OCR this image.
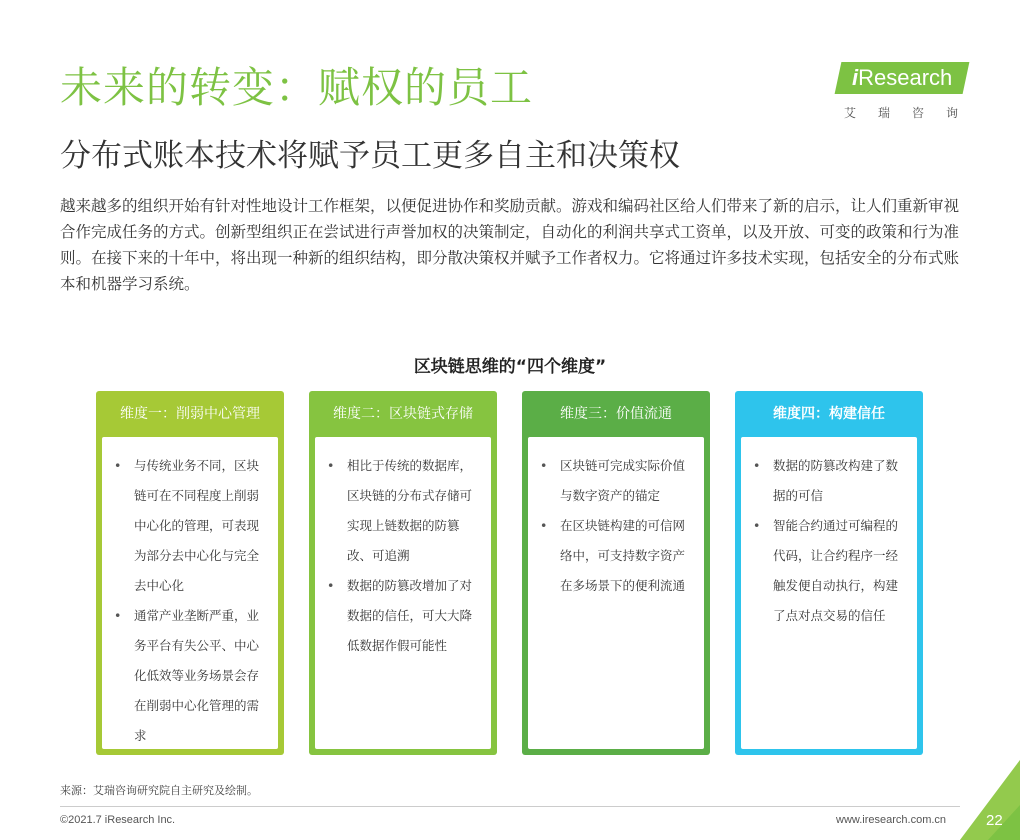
未来的转变：赋权的员工
分布式账本技术将赋予员工更多自主和决策权
iResearch
艾瑞咨询

越来越多的组织开始有针对性地设计工作框架，以便促进协作和奖励贡献。游戏和编码社区给人们带来了新的启示，让人们重新审视合作完成任务的方式。创新型组织正在尝试进行声誉加权的决策制定，自动化的利润共享式工资单，以及开放、可变的政策和行为准则。在接下来的十年中，将出现一种新的组织结构，即分散决策权并赋予工作者权力。它将通过许多技术实现，包括安全的分布式账本和机器学习系统。

区块链思维的“四个维度”
维度一：削弱中心管理
• 与传统业务不同，区块链可在不同程度上削弱中心化的管理，可表现为部分去中心化与完全去中心化
• 通常产业垄断严重，业务平台有失公平、中心化低效等业务场景会存在削弱中心化管理的需求
维度二：区块链式存储
• 相比于传统的数据库，区块链的分布式存储可实现上链数据的防篡改、可追溯
• 数据的防篡改增加了对数据的信任，可大大降低数据作假可能性
维度三：价值流通
• 区块链可完成实际价值与数字资产的锚定
• 在区块链构建的可信网络中，可支持数字资产在多场景下的便利流通
维度四：构建信任
• 数据的防篡改构建了数据的可信
• 智能合约通过可编程的代码，让合约程序一经触发便自动执行，构建了点对点交易的信任

来源：艾瑞咨询研究院自主研究及绘制。

©2021.7 iResearch Inc.	www.iresearch.com.cn	22
